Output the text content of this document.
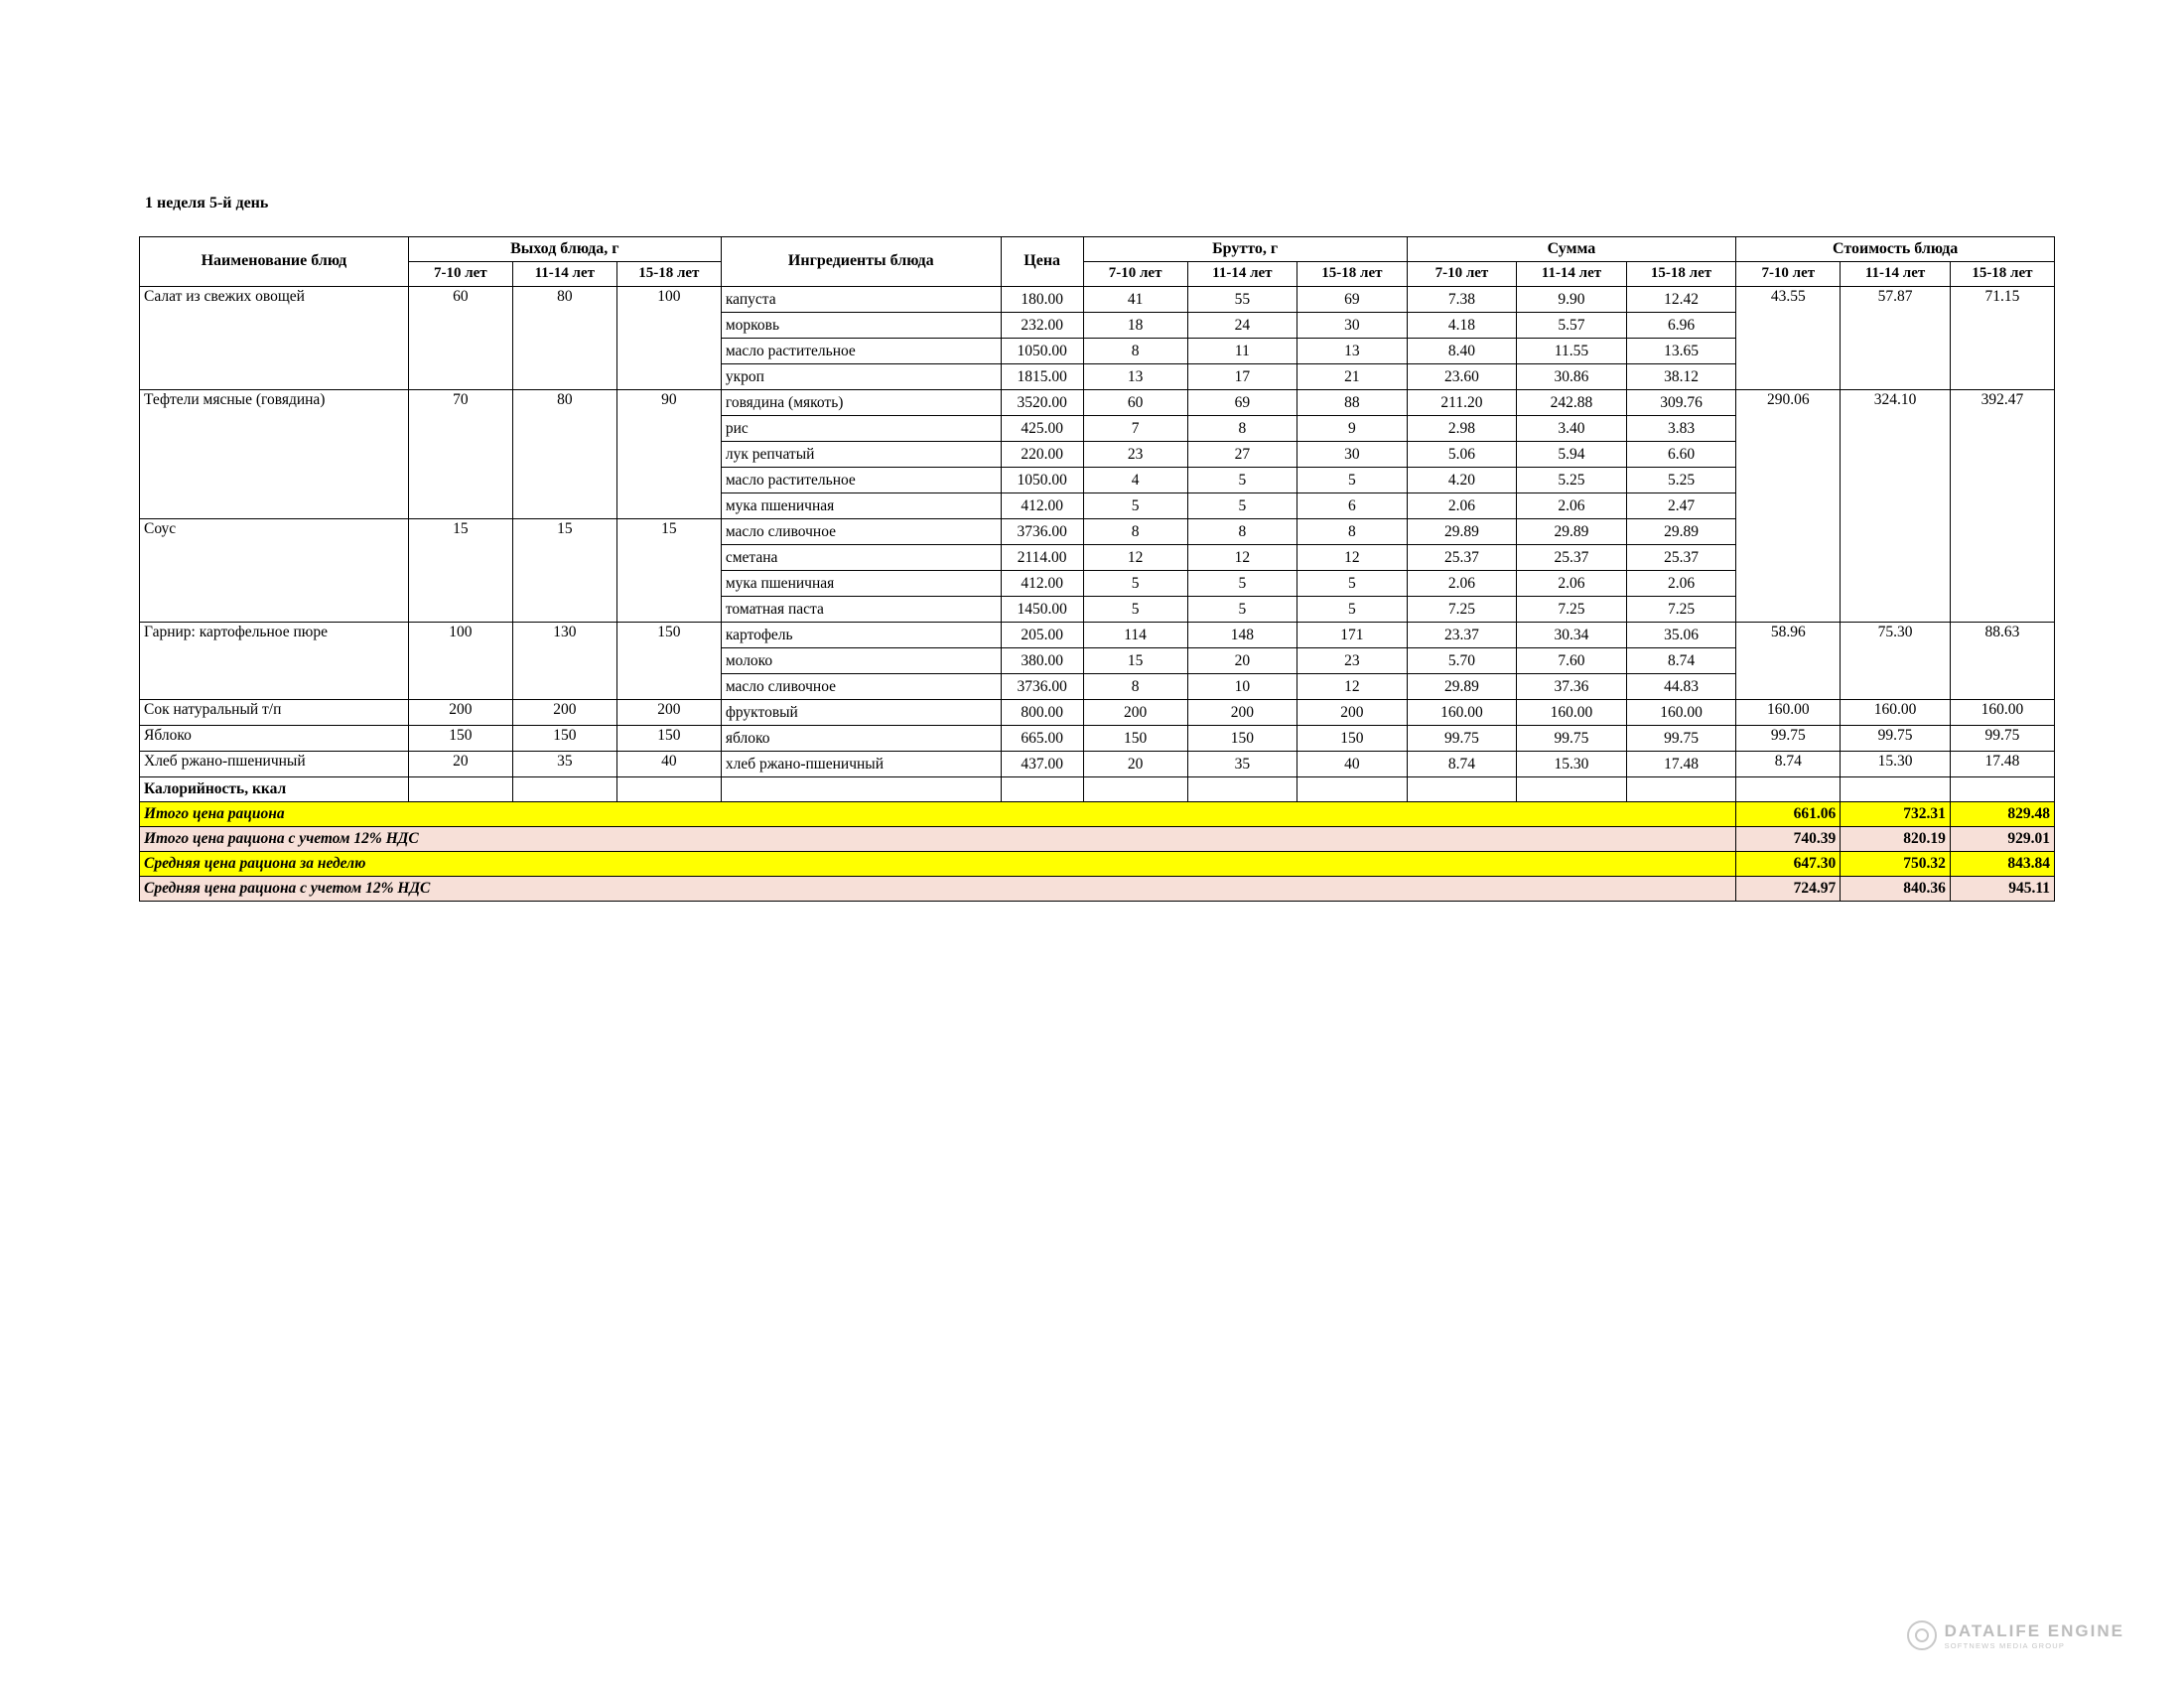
1 неделя 5-й день
Наименование блюд	Выход блюда, г			Ингредиенты блюда	Цена	Брутто, г			Сумма			Стоимость блюда		
	7-10 лет	11-14 лет	15-18 лет			7-10 лет	11-14 лет	15-18 лет	7-10 лет	11-14 лет	15-18 лет	7-10 лет	11-14 лет	15-18 лет
Салат из свежих овощей	60	80	100	капуста	180.00	41	55	69	7.38	9.90	12.42	43.55	57.87	71.15
				морковь	232.00	18	24	30	4.18	5.57	6.96			
				масло растительное	1050.00	8	11	13	8.40	11.55	13.65			
				укроп	1815.00	13	17	21	23.60	30.86	38.12			
Тефтели мясные (говядина)	70	80	90	говядина (мякоть)	3520.00	60	69	88	211.20	242.88	309.76	290.06	324.10	392.47
				рис	425.00	7	8	9	2.98	3.40	3.83			
				лук репчатый	220.00	23	27	30	5.06	5.94	6.60			
				масло растительное	1050.00	4	5	5	4.20	5.25	5.25			
				мука пшеничная	412.00	5	5	6	2.06	2.06	2.47			
Соус	15	15	15	масло сливочное	3736.00	8	8	8	29.89	29.89	29.89			
				сметана	2114.00	12	12	12	25.37	25.37	25.37			
				мука пшеничная	412.00	5	5	5	2.06	2.06	2.06			
				томатная паста	1450.00	5	5	5	7.25	7.25	7.25			
Гарнир: картофельное пюре	100	130	150	картофель	205.00	114	148	171	23.37	30.34	35.06	58.96	75.30	88.63
				молоко	380.00	15	20	23	5.70	7.60	8.74			
				масло сливочное	3736.00	8	10	12	29.89	37.36	44.83			
Сок натуральный т/п	200	200	200	фруктовый	800.00	200	200	200	160.00	160.00	160.00	160.00	160.00	160.00
Яблоко	150	150	150	яблоко	665.00	150	150	150	99.75	99.75	99.75	99.75	99.75	99.75
Хлеб ржано-пшеничный	20	35	40	хлеб ржано-пшеничный	437.00	20	35	40	8.74	15.30	17.48	8.74	15.30	17.48
Калорийность, ккал														
Итого цена рациона												661.06	732.31	829.48
Итого цена рациона с учетом 12% НДС												740.39	820.19	929.01
Средняя цена рациона за неделю												647.30	750.32	843.84
Средняя цена рациона с учетом 12% НДС												724.97	840.36	945.11
DATALIFE ENGINE
SOFTNEWS MEDIA GROUP
